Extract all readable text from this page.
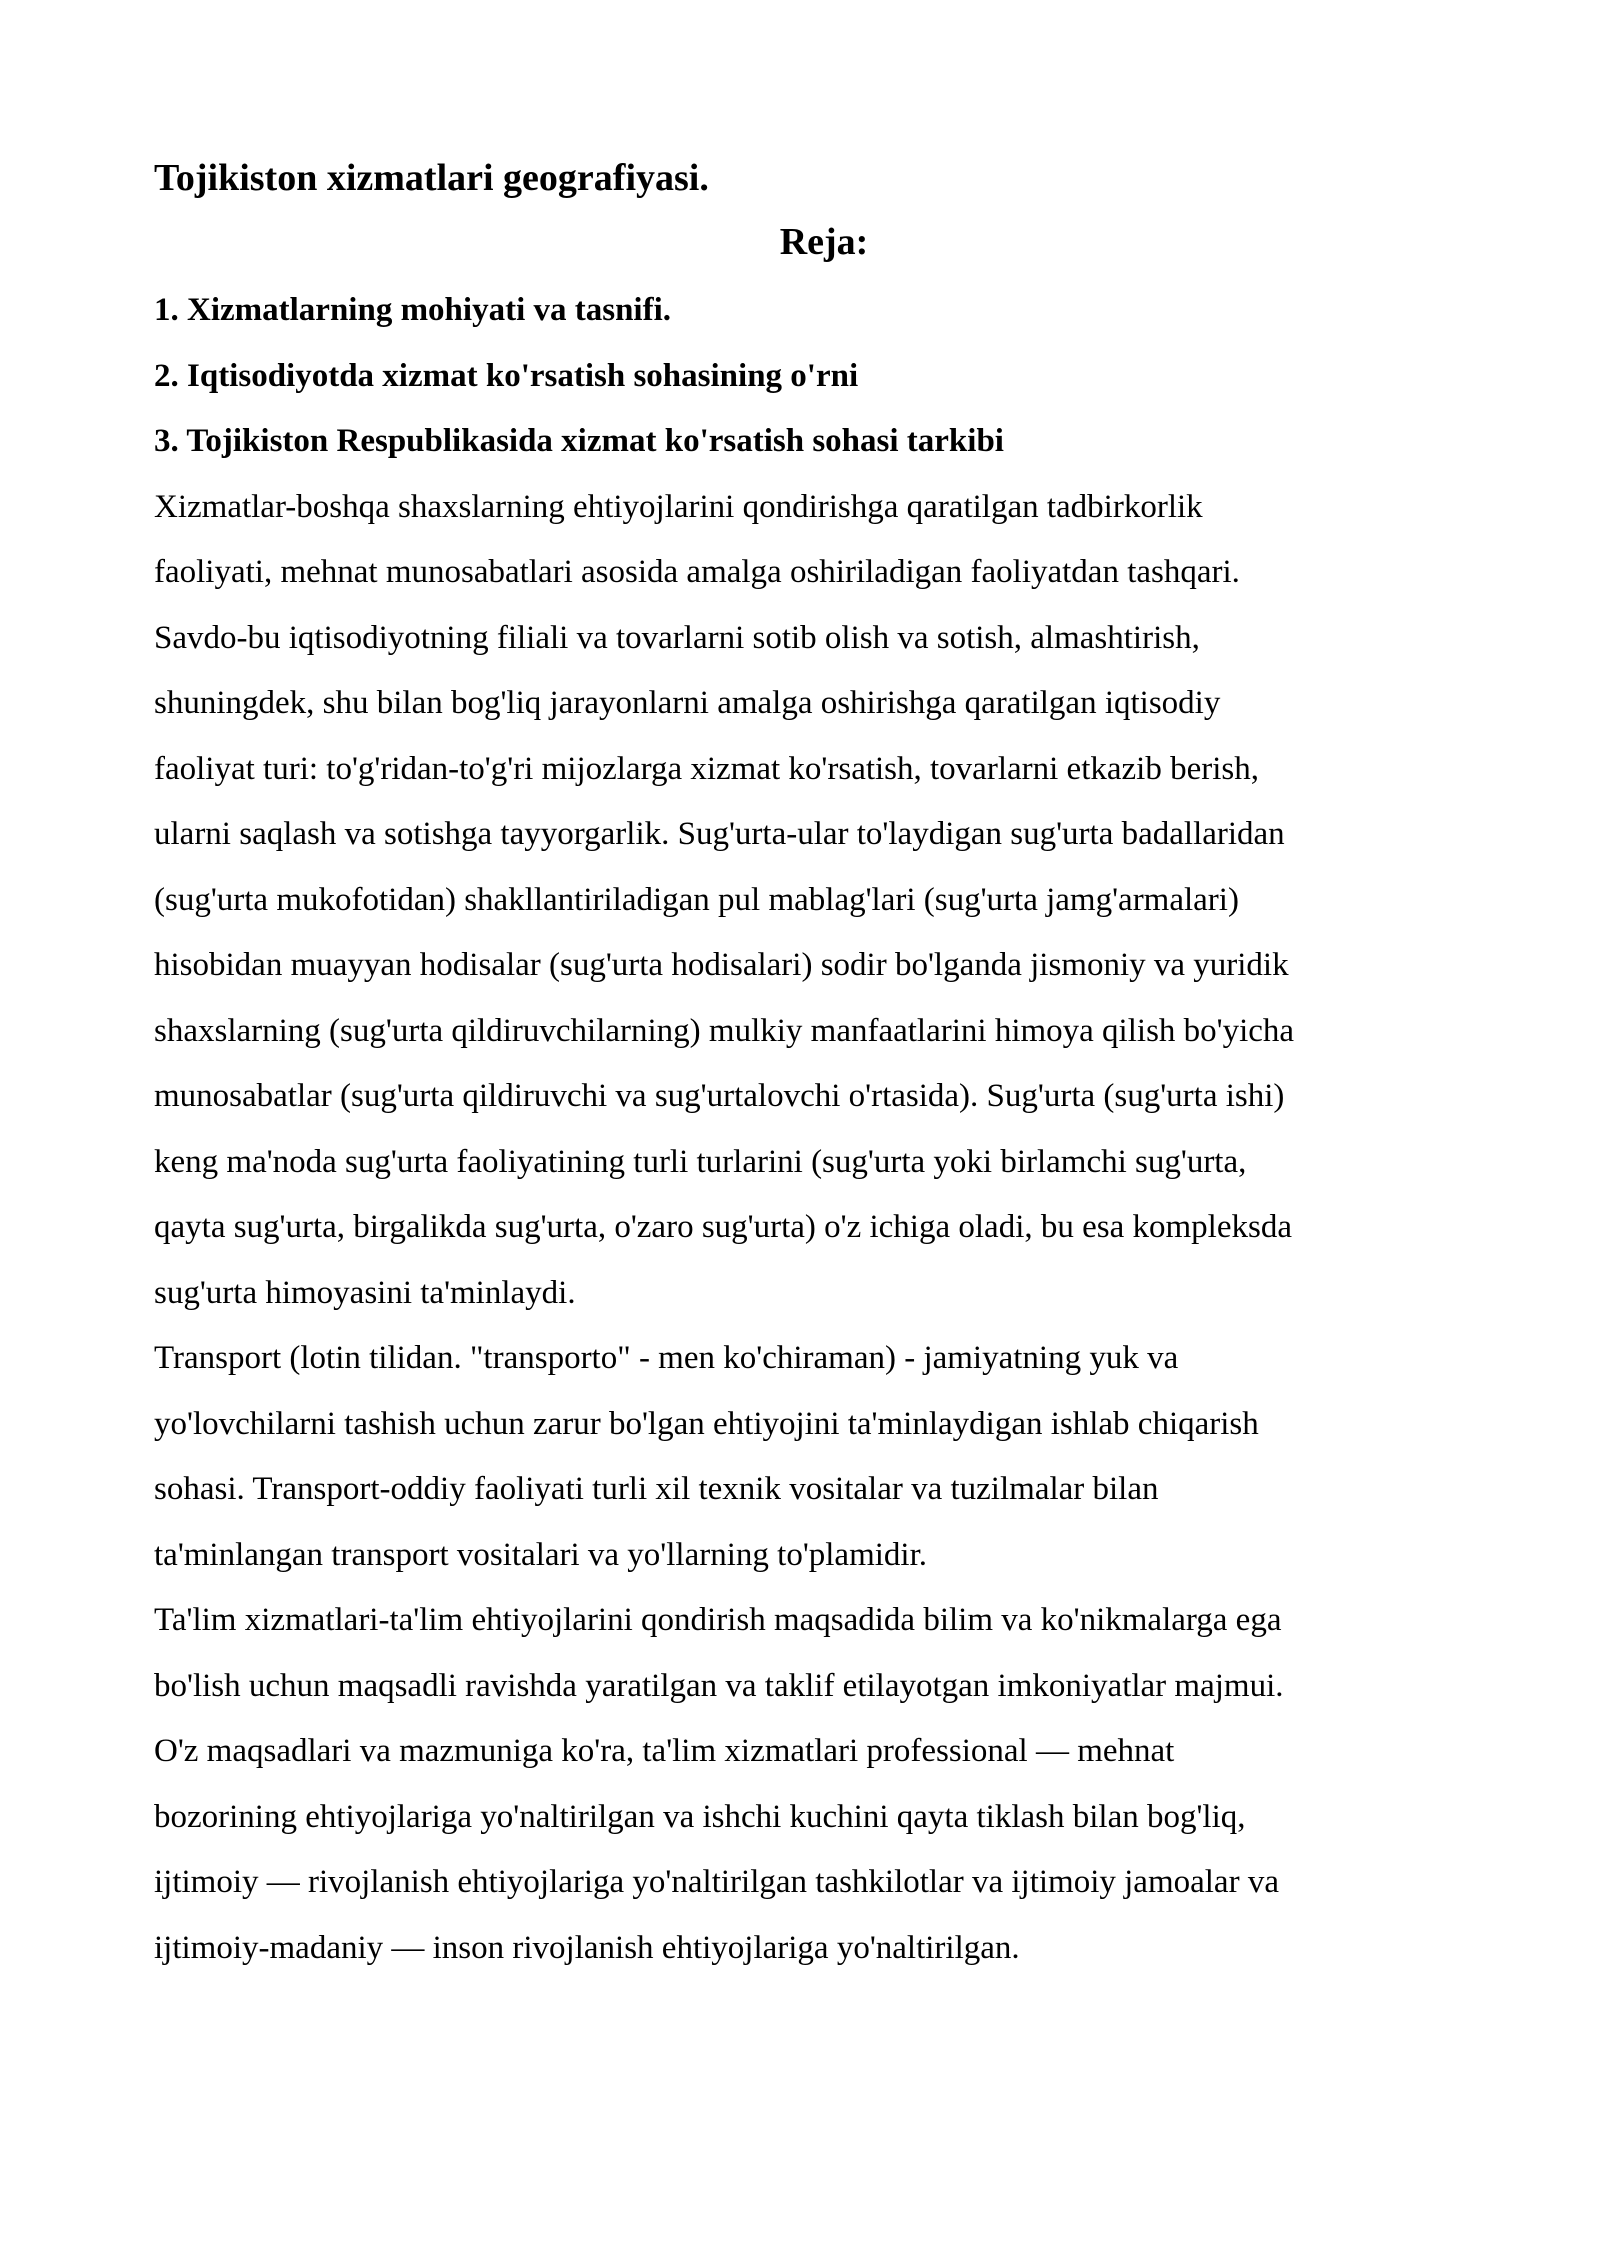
Tojikiston xizmatlari geografiyasi.
Reja:

1. Xizmatlarning mohiyati va tasnifi.

2. Iqtisodiyotda xizmat ko'rsatish sohasining o'rni

3. Tojikiston Respublikasida xizmat ko'rsatish sohasi tarkibi

Xizmatlar-boshqa shaxslarning ehtiyojlarini qondirishga qaratilgan tadbirkorlik
faoliyati, mehnat munosabatlari asosida amalga oshiriladigan faoliyatdan tashqari.
Savdo-bu iqtisodiyotning filiali va tovarlarni sotib olish va sotish, almashtirish,
shuningdek, shu bilan bog'liq jarayonlarni amalga oshirishga qaratilgan iqtisodiy
faoliyat turi: to'g'ridan-to'g'ri mijozlarga xizmat ko'rsatish, tovarlarni etkazib berish,
ularni saqlash va sotishga tayyorgarlik. Sug'urta-ular to'laydigan sug'urta badallaridan
(sug'urta mukofotidan) shakllantiriladigan pul mablag'lari (sug'urta jamg'armalari)
hisobidan muayyan hodisalar (sug'urta hodisalari) sodir bo'lganda jismoniy va yuridik
shaxslarning (sug'urta qildiruvchilarning) mulkiy manfaatlarini himoya qilish bo'yicha
munosabatlar (sug'urta qildiruvchi va sug'urtalovchi o'rtasida). Sug'urta (sug'urta ishi)
keng ma'noda sug'urta faoliyatining turli turlarini (sug'urta yoki birlamchi sug'urta,
qayta sug'urta, birgalikda sug'urta, o'zaro sug'urta) o'z ichiga oladi, bu esa kompleksda
sug'urta himoyasini ta'minlaydi.

Transport (lotin tilidan. "transporto" - men ko'chiraman) - jamiyatning yuk va
yo'lovchilarni tashish uchun zarur bo'lgan ehtiyojini ta'minlaydigan ishlab chiqarish
sohasi. Transport-oddiy faoliyati turli xil texnik vositalar va tuzilmalar bilan
ta'minlangan transport vositalari va yo'llarning to'plamidir.

Ta'lim xizmatlari-ta'lim ehtiyojlarini qondirish maqsadida bilim va ko'nikmalarga ega
bo'lish uchun maqsadli ravishda yaratilgan va taklif etilayotgan imkoniyatlar majmui.
O'z maqsadlari va mazmuniga ko'ra, ta'lim xizmatlari professional — mehnat
bozorining ehtiyojlariga yo'naltirilgan va ishchi kuchini qayta tiklash bilan bog'liq,
ijtimoiy — rivojlanish ehtiyojlariga yo'naltirilgan tashkilotlar va ijtimoiy jamoalar va
ijtimoiy-madaniy — inson rivojlanish ehtiyojlariga yo'naltirilgan.
